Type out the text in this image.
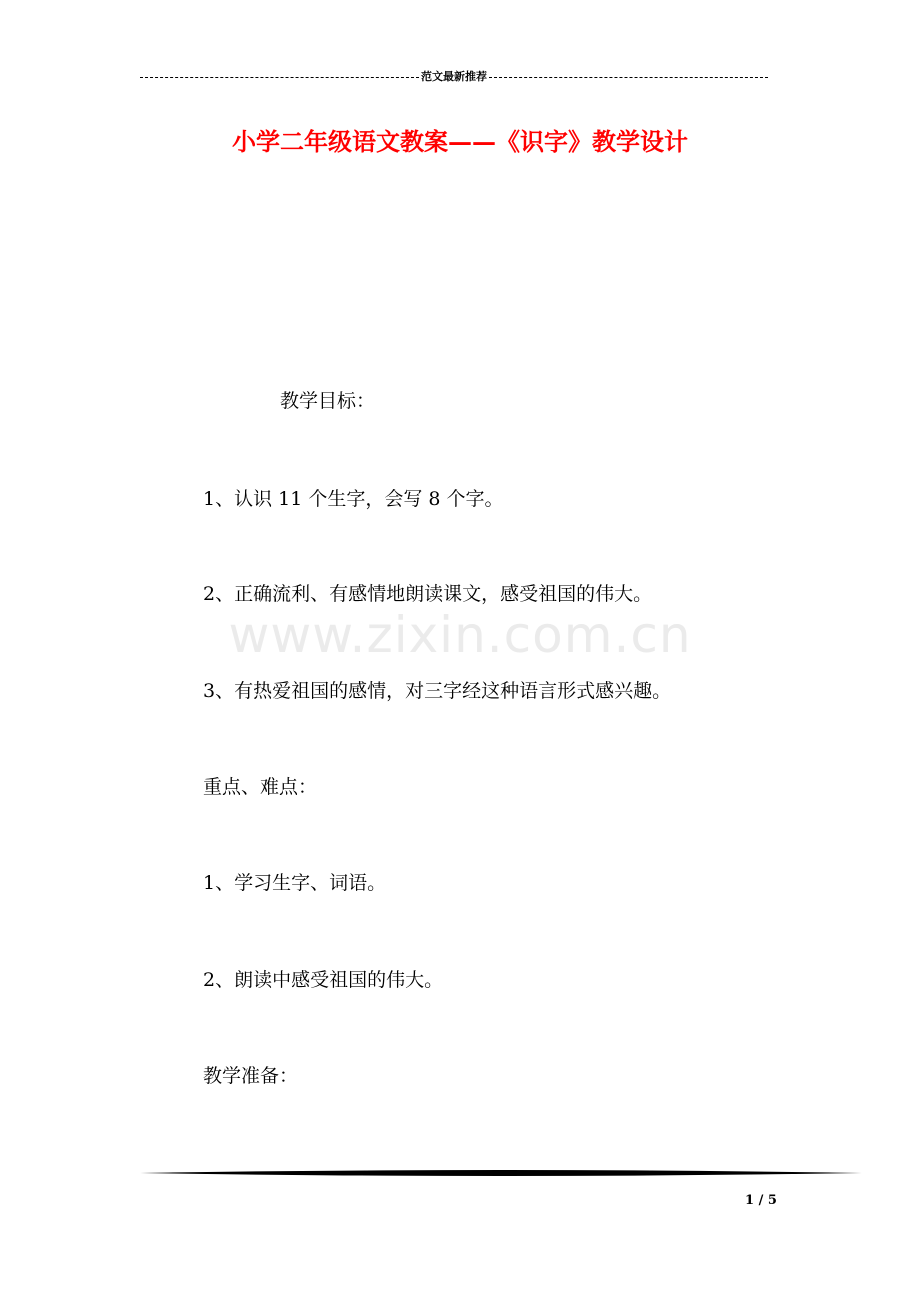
范文最新推荐
小学二年级语文教案——《识字》教学设计
www.zixin.com.cn

教学目标：

1、认识 11 个生字，会写 8 个字。

2、正确流利、有感情地朗读课文，感受祖国的伟大。

3、有热爱祖国的感情，对三字经这种语言形式感兴趣。

重点、难点：

1、学习生字、词语。

2、朗读中感受祖国的伟大。

教学准备：

1 / 5
